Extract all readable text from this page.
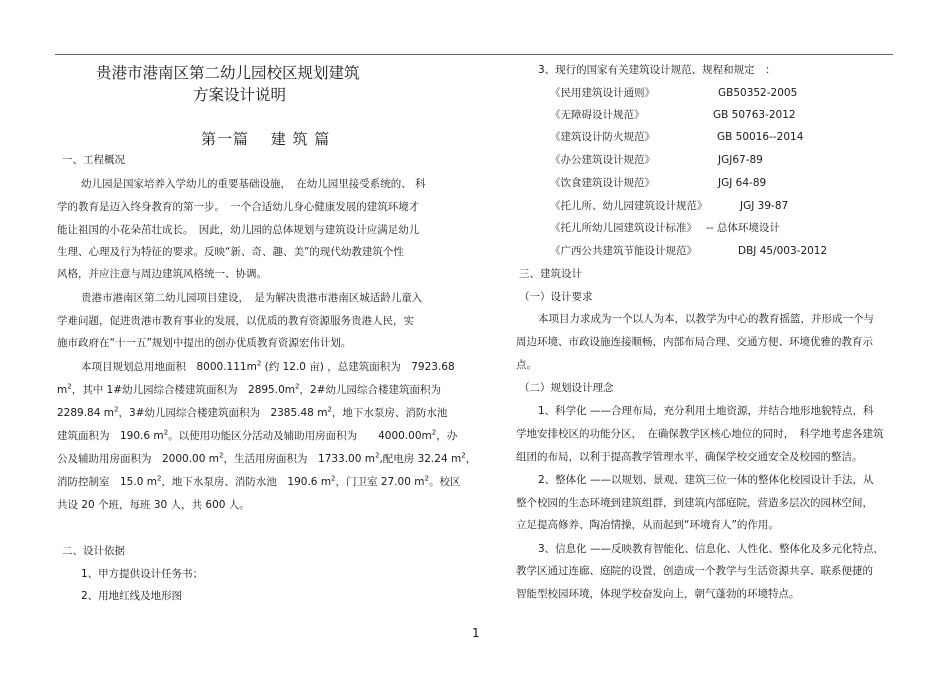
贵港市港南区第二幼儿园校区规划建筑
方案设计说明
第一篇　 建 筑 篇
一、工程概况
幼儿园是国家培养入学幼儿的重要基础设施，　在幼儿园里接受系统的、 科
学的教育是迈入终身教育的第一步。　一个合适幼儿身心健康发展的建筑环境才
能让祖国的小花朵茁壮成长。　因此，幼儿园的总体规划与建筑设计应满足幼儿
生理、心理及行为特征的要求。反映“新、奇、趣、美”的现代幼教建筑个性
风格，并应注意与周边建筑风格统一、协调。
贵港市港南区第二幼儿园项目建设，　是为解决贵港市港南区城适龄儿童入
学难问题，促进贵港市教育事业的发展，以优质的教育资源服务贵港人民，实
施市政府在“十一五”规划中提出的创办优质教育资源宏伟计划。
本项目规划总用地面积　$8000.111m^2$ (约 12.0 亩) ，总建筑面积为　7923.68
$m^2$，其中 1#幼儿园综合楼建筑面积为　$2895.0m^2$，2#幼儿园综合楼建筑面积为
2289.84 $m^2$，3#幼儿园综合楼建筑面积为　2385.48 $m^2$，地下水泵房、消防水池
建筑面积为　190.6 $m^2$。以使用功能区分活动及辅助用房面积为　　$4000.00m^2$，办
公及辅助用房面积为　2000.00 $m^2$，生活用房面积为　1733.00 $m^2$,配电房 32.24 $m^2$，
消防控制室　15.0 $m^2$，地下水泵房、消防水池　190.6 $m^2$，门卫室 27.00 $m^2$。校区
共设 20 个班，每班 30 人，共 600 人。
二、设计依据
1、甲方提供设计任务书；
2、用地红线及地形图
3、现行的国家有关建筑设计规范、规程和规定　：
《民用建筑设计通则》	GB50352-2005
《无障碍设计规范》	GB 50763-2012
《建筑设计防火规范》	GB 50016--2014
《办公建筑设计规范》	JGJ67-89
《饮食建筑设计规范》	JGJ 64-89
《托儿所、幼儿园建筑设计规范》	JGJ 39-87
《托儿所幼儿园建筑设计标准》 -- 总体环境设计
《广西公共建筑节能设计规范》	DBJ 45/003-2012
三、建筑设计
（一）设计要求
本项目力求成为一个以人为本，以教学为中心的教育摇篮，并形成一个与
周边环境、市政设施连接顺畅，内部布局合理、交通方便、环境优雅的教育示
点。
（二）规划设计理念
1、科学化 ——合理布局，充分利用土地资源，并结合地形地貌特点，科
学地安排校区的功能分区，　在确保教学区核心地位的同时，　科学地考虑各建筑
组团的布局，以利于提高教学管理水平，确保学校交通安全及校园的整洁。
2、整体化 ——以规划、景观、建筑三位一体的整体化校园设计手法，从
整个校园的生态环境到建筑组群，到建筑内部庭院，营造多层次的园林空间，
立足提高修养、陶冶情操，从而起到“环境育人”的作用。
3、信息化 ——反映教育智能化、信息化、人性化、整体化及多元化特点，
教学区通过连廊、庭院的设置，创造成一个教学与生活资源共享、联系便捷的
智能型校园环境，体现学校奋发向上，朝气蓬勃的环境特点。
1
